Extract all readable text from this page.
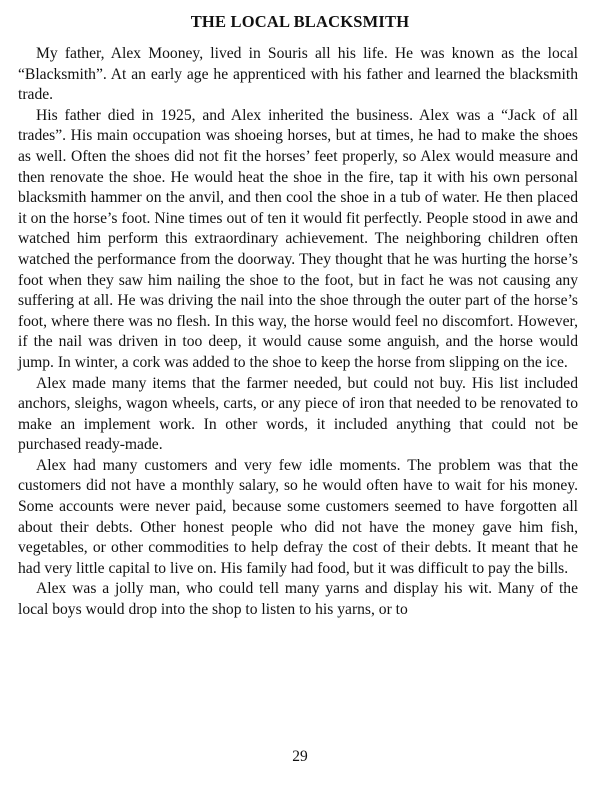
THE LOCAL BLACKSMITH

My father, Alex Mooney, lived in Souris all his life. He was known as the local “Blacksmith”. At an early age he apprenticed with his father and learned the blacksmith trade.

His father died in 1925, and Alex inherited the business. Alex was a “Jack of all trades”. His main occupation was shoeing horses, but at times, he had to make the shoes as well. Often the shoes did not fit the horses’ feet properly, so Alex would measure and then renovate the shoe. He would heat the shoe in the fire, tap it with his own personal blacksmith hammer on the anvil, and then cool the shoe in a tub of water. He then placed it on the horse’s foot. Nine times out of ten it would fit perfectly. People stood in awe and watched him perform this extraordinary achievement. The neighboring children often watched the performance from the doorway. They thought that he was hurting the horse’s foot when they saw him nailing the shoe to the foot, but in fact he was not causing any suffering at all. He was driving the nail into the shoe through the outer part of the horse’s foot, where there was no flesh. In this way, the horse would feel no discomfort. However, if the nail was driven in too deep, it would cause some anguish, and the horse would jump. In winter, a cork was added to the shoe to keep the horse from slipping on the ice.

Alex made many items that the farmer needed, but could not buy. His list included anchors, sleighs, wagon wheels, carts, or any piece of iron that needed to be renovated to make an implement work. In other words, it included anything that could not be purchased ready-made.

Alex had many customers and very few idle moments. The problem was that the customers did not have a monthly salary, so he would often have to wait for his money. Some accounts were never paid, because some customers seemed to have forgotten all about their debts. Other honest people who did not have the money gave him fish, vegetables, or other commodities to help defray the cost of their debts. It meant that he had very little capital to live on. His family had food, but it was difficult to pay the bills.

Alex was a jolly man, who could tell many yarns and display his wit. Many of the local boys would drop into the shop to listen to his yarns, or to

29
